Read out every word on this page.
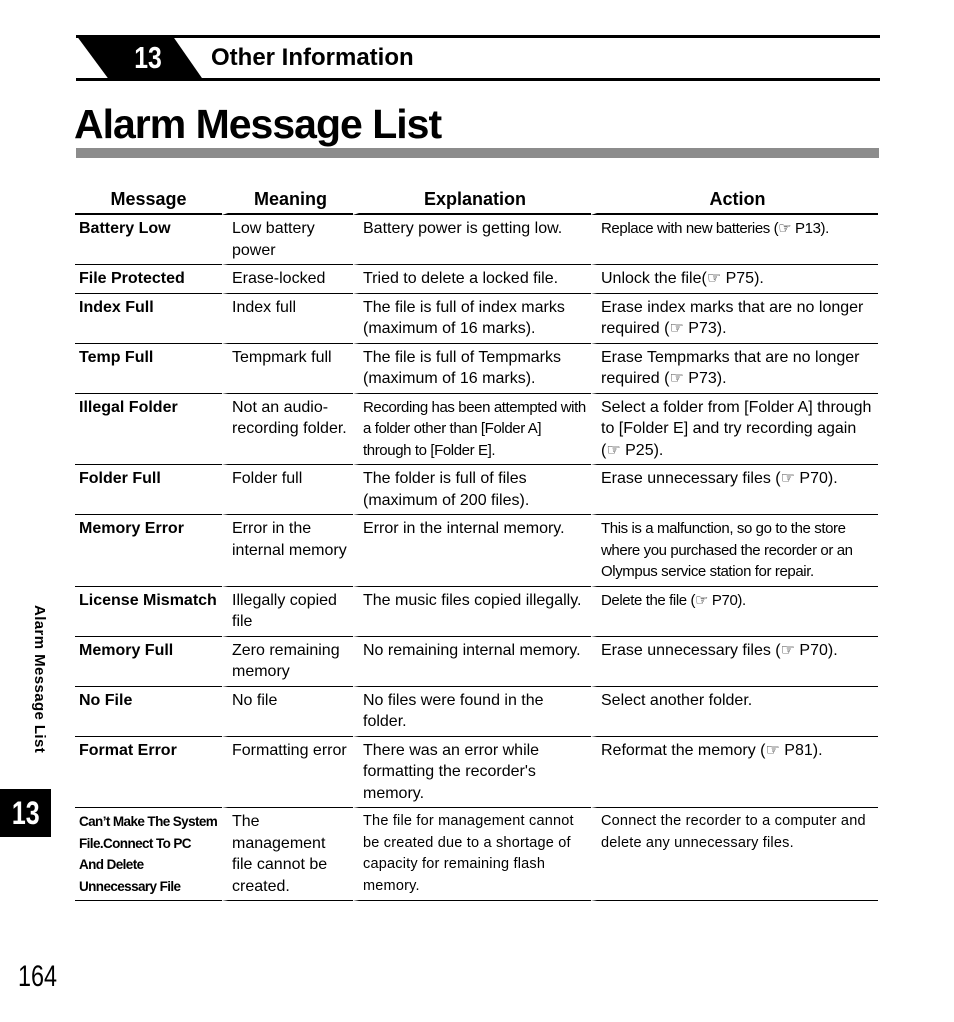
13 Other Information
Alarm Message List
Message	Meaning	Explanation	Action
Battery Low	Low battery power	Battery power is getting low.	Replace with new batteries (☞ P13).
File Protected	Erase-locked	Tried to delete a locked file.	Unlock the file(☞ P75).
Index Full	Index full	The file is full of index marks (maximum of 16 marks).	Erase index marks that are no longer required (☞ P73).
Temp Full	Tempmark full	The file is full of Tempmarks (maximum of 16 marks).	Erase Tempmarks that are no longer required (☞ P73).
Illegal Folder	Not an audio-recording folder.	Recording has been attempted with a folder other than [Folder A] through to [Folder E].	Select a folder from [Folder A] through to [Folder E] and try recording again (☞ P25).
Folder Full	Folder full	The folder is full of files (maximum of 200 files).	Erase unnecessary files (☞ P70).
Memory Error	Error in the internal memory	Error in the internal memory.	This is a malfunction, so go to the store where you purchased the recorder or an Olympus service station for repair.
License Mismatch	Illegally copied file	The music files copied illegally.	Delete the file (☞ P70).
Memory Full	Zero remaining memory	No remaining internal memory.	Erase unnecessary files (☞ P70).
No File	No file	No files were found in the folder.	Select another folder.
Format Error	Formatting error	There was an error while formatting the recorder's memory.	Reformat the memory (☞ P81).
Can’t Make The System File.Connect To PC And Delete Unnecessary File	The management file cannot be created.	The file for management cannot be created due to a shortage of capacity for remaining flash memory.	Connect the recorder to a computer and delete any unnecessary files.
Alarm Message List
13
164
